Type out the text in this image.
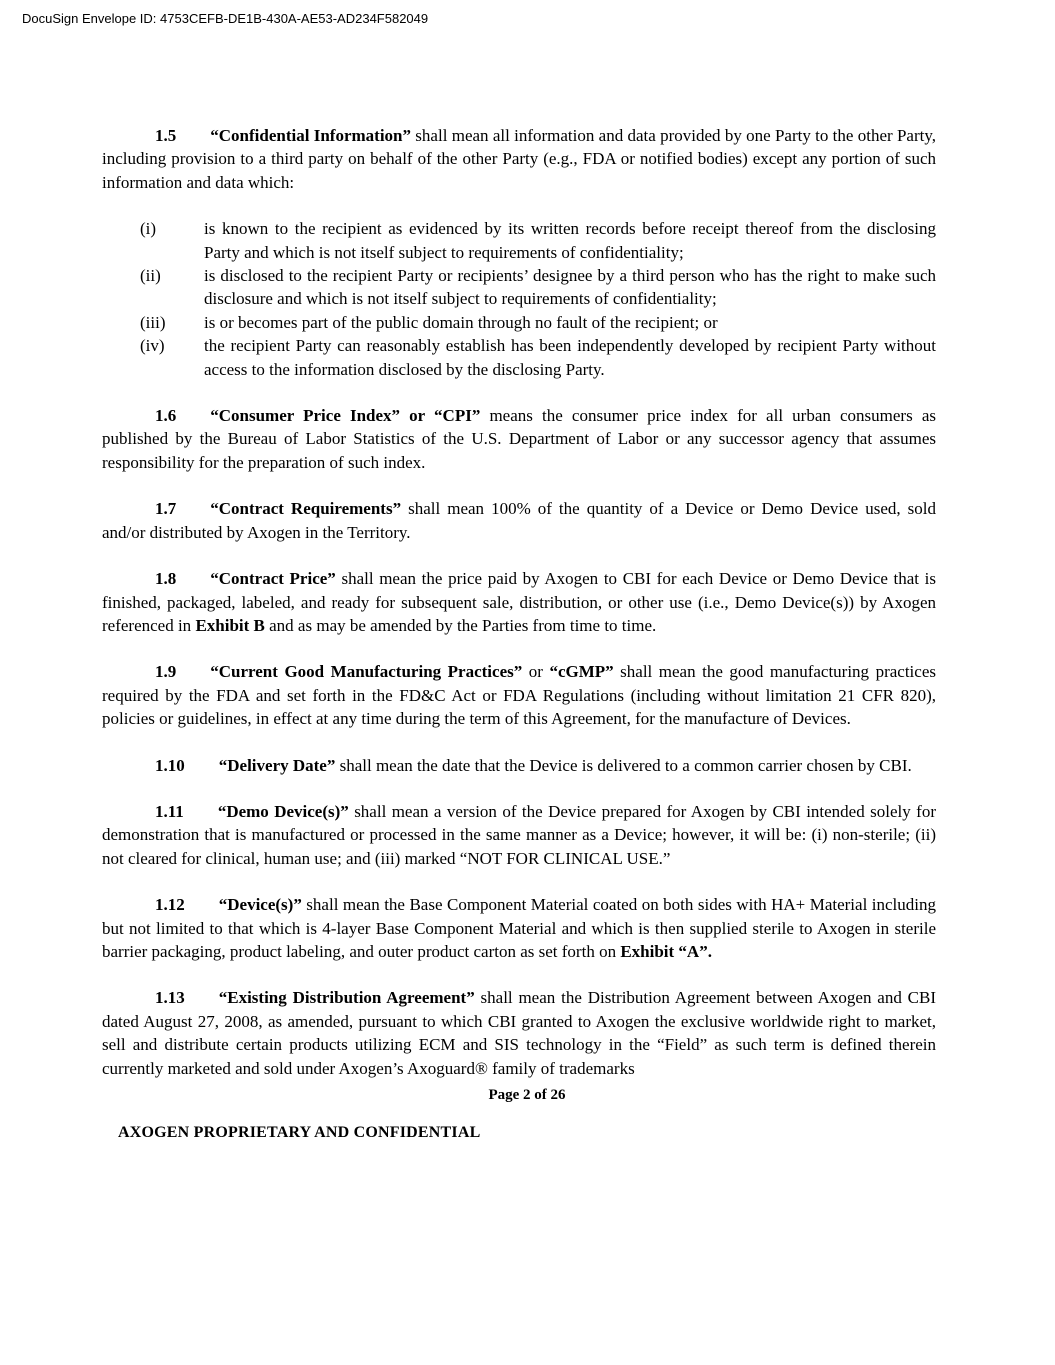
DocuSign Envelope ID: 4753CEFB-DE1B-430A-AE53-AD234F582049

1.5 “Confidential Information” shall mean all information and data provided by one Party to the other Party, including provision to a third party on behalf of the other Party (e.g., FDA or notified bodies) except any portion of such information and data which:

(i)	is known to the recipient as evidenced by its written records before receipt thereof from the disclosing Party and which is not itself subject to requirements of confidentiality;
(ii)	is disclosed to the recipient Party or recipients’ designee by a third person who has the right to make such disclosure and which is not itself subject to requirements of confidentiality;
(iii)	is or becomes part of the public domain through no fault of the recipient; or
(iv)	the recipient Party can reasonably establish has been independently developed by recipient Party without access to the information disclosed by the disclosing Party.

1.6 “Consumer Price Index” or “CPI” means the consumer price index for all urban consumers as published by the Bureau of Labor Statistics of the U.S. Department of Labor or any successor agency that assumes responsibility for the preparation of such index.

1.7 “Contract Requirements” shall mean 100% of the quantity of a Device or Demo Device used, sold and/or distributed by Axogen in the Territory.

1.8 “Contract Price” shall mean the price paid by Axogen to CBI for each Device or Demo Device that is finished, packaged, labeled, and ready for subsequent sale, distribution, or other use (i.e., Demo Device(s)) by Axogen referenced in Exhibit B and as may be amended by the Parties from time to time.

1.9 “Current Good Manufacturing Practices” or “cGMP” shall mean the good manufacturing practices required by the FDA and set forth in the FD&C Act or FDA Regulations (including without limitation 21 CFR 820), policies or guidelines, in effect at any time during the term of this Agreement, for the manufacture of Devices.

1.10 “Delivery Date” shall mean the date that the Device is delivered to a common carrier chosen by CBI.

1.11 “Demo Device(s)” shall mean a version of the Device prepared for Axogen by CBI intended solely for demonstration that is manufactured or processed in the same manner as a Device; however, it will be: (i) non-sterile; (ii) not cleared for clinical, human use; and (iii) marked “NOT FOR CLINICAL USE.”

1.12 “Device(s)” shall mean the Base Component Material coated on both sides with HA+ Material including but not limited to that which is 4-layer Base Component Material and which is then supplied sterile to Axogen in sterile barrier packaging, product labeling, and outer product carton as set forth on Exhibit “A”.

1.13 “Existing Distribution Agreement” shall mean the Distribution Agreement between Axogen and CBI dated August 27, 2008, as amended, pursuant to which CBI granted to Axogen the exclusive worldwide right to market, sell and distribute certain products utilizing ECM and SIS technology in the “Field” as such term is defined therein currently marketed and sold under Axogen’s Axoguard® family of trademarks

Page 2 of 26
AXOGEN PROPRIETARY AND CONFIDENTIAL
